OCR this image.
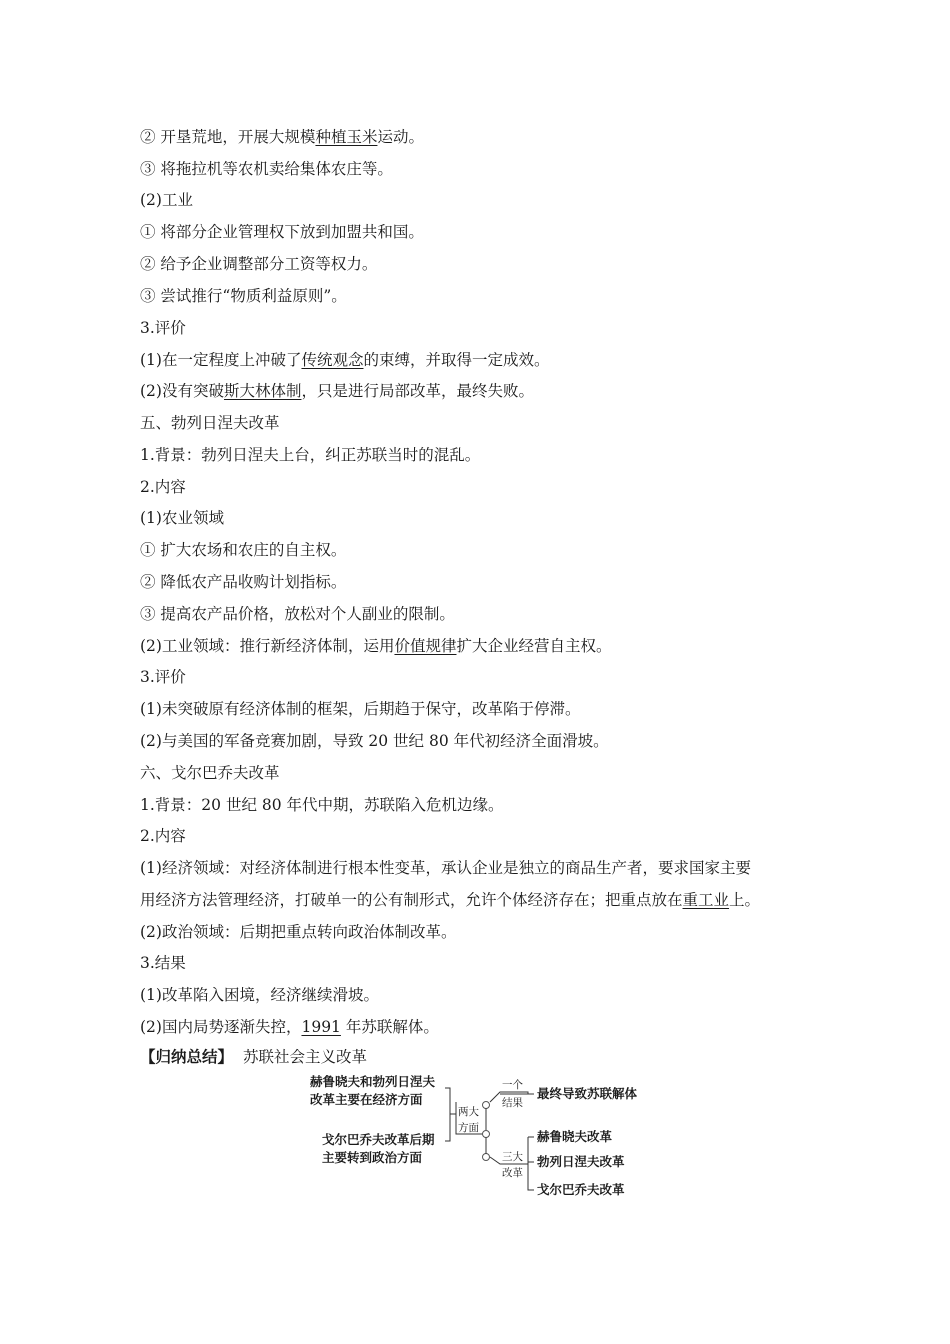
② 开垦荒地，开展大规模种植玉米运动。
③ 将拖拉机等农机卖给集体农庄等。
(2)工业
① 将部分企业管理权下放到加盟共和国。
② 给予企业调整部分工资等权力。
③ 尝试推行“物质利益原则”。
3.评价
(1)在一定程度上冲破了传统观念的束缚，并取得一定成效。
(2)没有突破斯大林体制，只是进行局部改革，最终失败。
五、勃列日涅夫改革
1.背景：勃列日涅夫上台，纠正苏联当时的混乱。
2.内容
(1)农业领域
① 扩大农场和农庄的自主权。
② 降低农产品收购计划指标。
③ 提高农产品价格，放松对个人副业的限制。
(2)工业领域：推行新经济体制，运用价值规律扩大企业经营自主权。
3.评价
(1)未突破原有经济体制的框架，后期趋于保守，改革陷于停滞。
(2)与美国的军备竞赛加剧，导致 20 世纪 80 年代初经济全面滑坡。
六、戈尔巴乔夫改革
1.背景：20 世纪 80 年代中期，苏联陷入危机边缘。
2.内容
(1)经济领域：对经济体制进行根本性变革，承认企业是独立的商品生产者，要求国家主要
用经济方法管理经济，打破单一的公有制形式，允许个体经济存在；把重点放在重工业上。
(2)政治领域：后期把重点转向政治体制改革。
3.结果
(1)改革陷入困境，经济继续滑坡。
(2)国内局势逐渐失控，1991 年苏联解体。
【归纳总结】 苏联社会主义改革
赫鲁晓夫和勃列日涅夫
改革主要在经济方面
戈尔巴乔夫改革后期
主要转到政治方面
两大
方面
一个
结果
最终导致苏联解体
三大
改革
赫鲁晓夫改革
勃列日涅夫改革
戈尔巴乔夫改革
